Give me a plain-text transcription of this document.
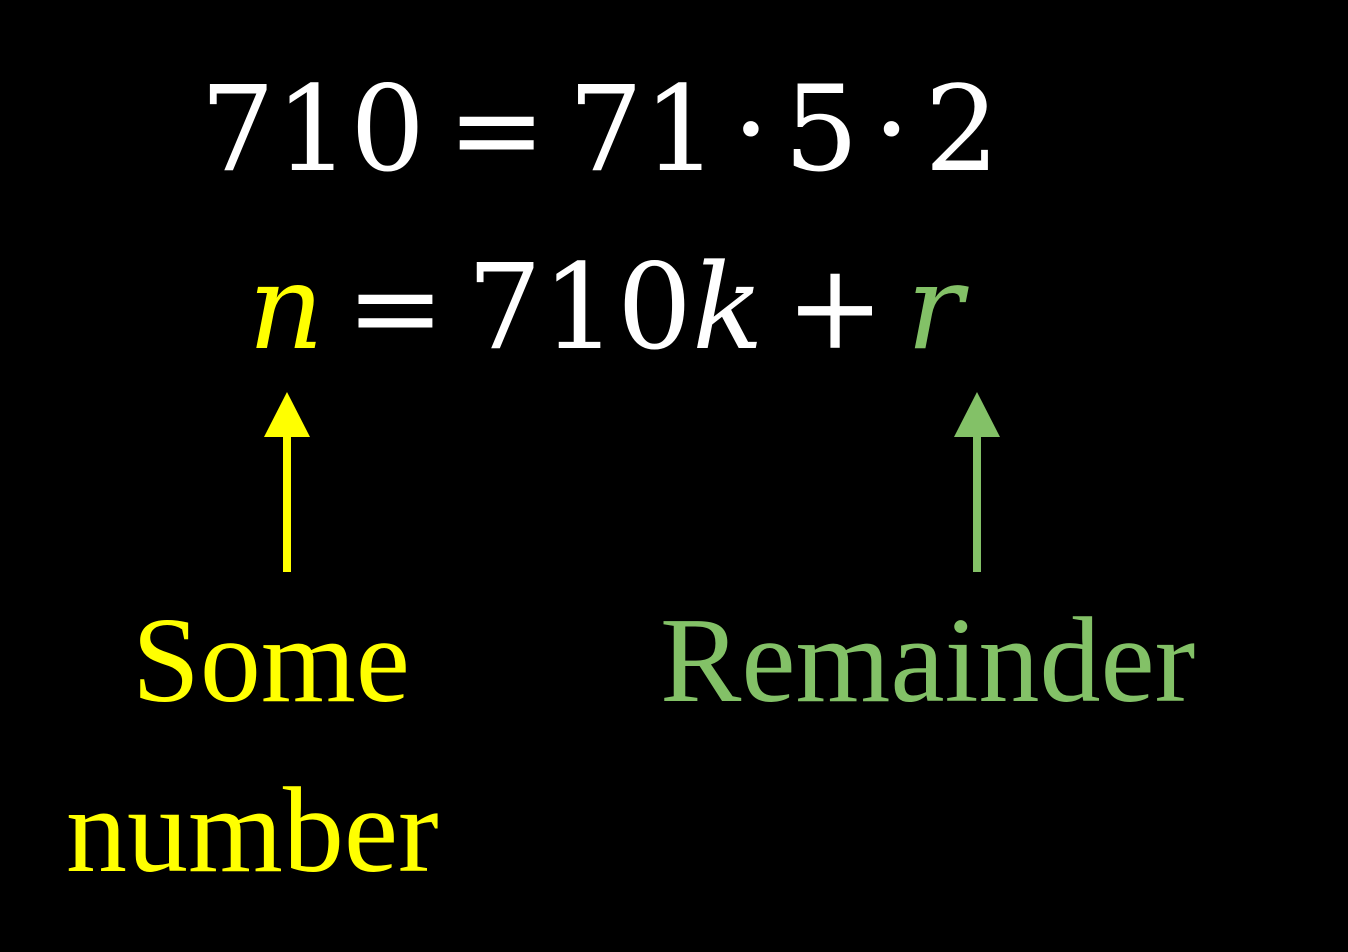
710 = 71 · 5 · 2
n = 710k + r
Some
number
Remainder
